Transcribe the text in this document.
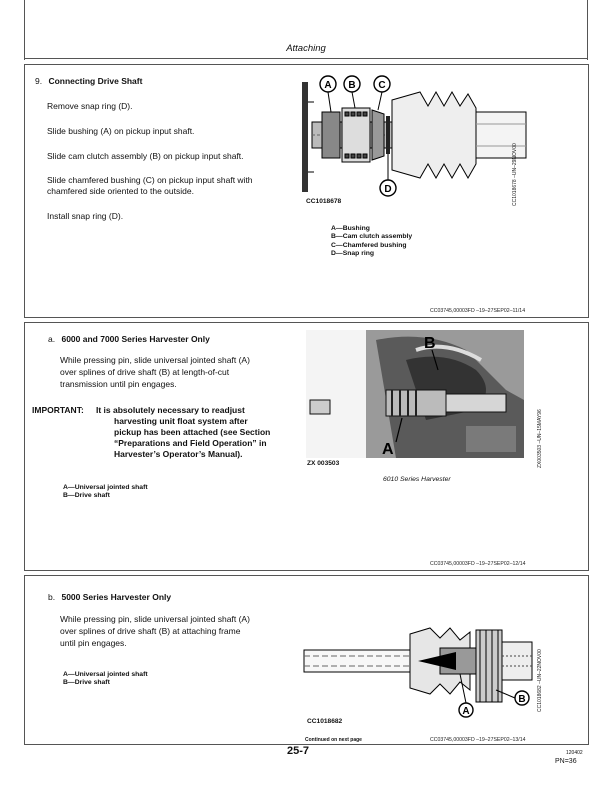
Attaching
9. Connecting Drive Shaft
Remove snap ring (D).
Slide bushing (A) on pickup input shaft.
Slide cam clutch assembly (B) on pickup input shaft.
Slide chamfered bushing (C) on pickup input shaft with
chamfered side oriented to the outside.
Install snap ring (D).
A B C
D
CC1018678	CC1018678 –UN–29NOV00
A—Bushing
B—Cam clutch assembly
C—Chamfered bushing
D—Snap ring
CC03745,00003FD –19–27SEP02–11/14
a. 6000 and 7000 Series Harvester Only
While pressing pin, slide universal jointed shaft (A)
over splines of drive shaft (B) at length-of-cut
transmission until pin engages.
IMPORTANT: It is absolutely necessary to readjust
harvesting unit float system after
pickup has been attached (see Section
“Preparations and Field Operation” in
Harvester’s Operator’s Manual).
A—Universal jointed shaft
B—Drive shaft
A
B
ZX 003503
6010 Series Harvester
ZX003503 –UN–15MAY96
CC03745,00003FD –19–27SEP02–12/14
b. 5000 Series Harvester Only
While pressing pin, slide universal jointed shaft (A)
over splines of drive shaft (B) at attaching frame
until pin engages.
A—Universal jointed shaft
B—Drive shaft
A
B
CC1018682
CC1018682 –UN–22NOV00
Continued on next page	CC03745,00003FD –19–27SEP02–13/14
25-7	120402
PN=36
